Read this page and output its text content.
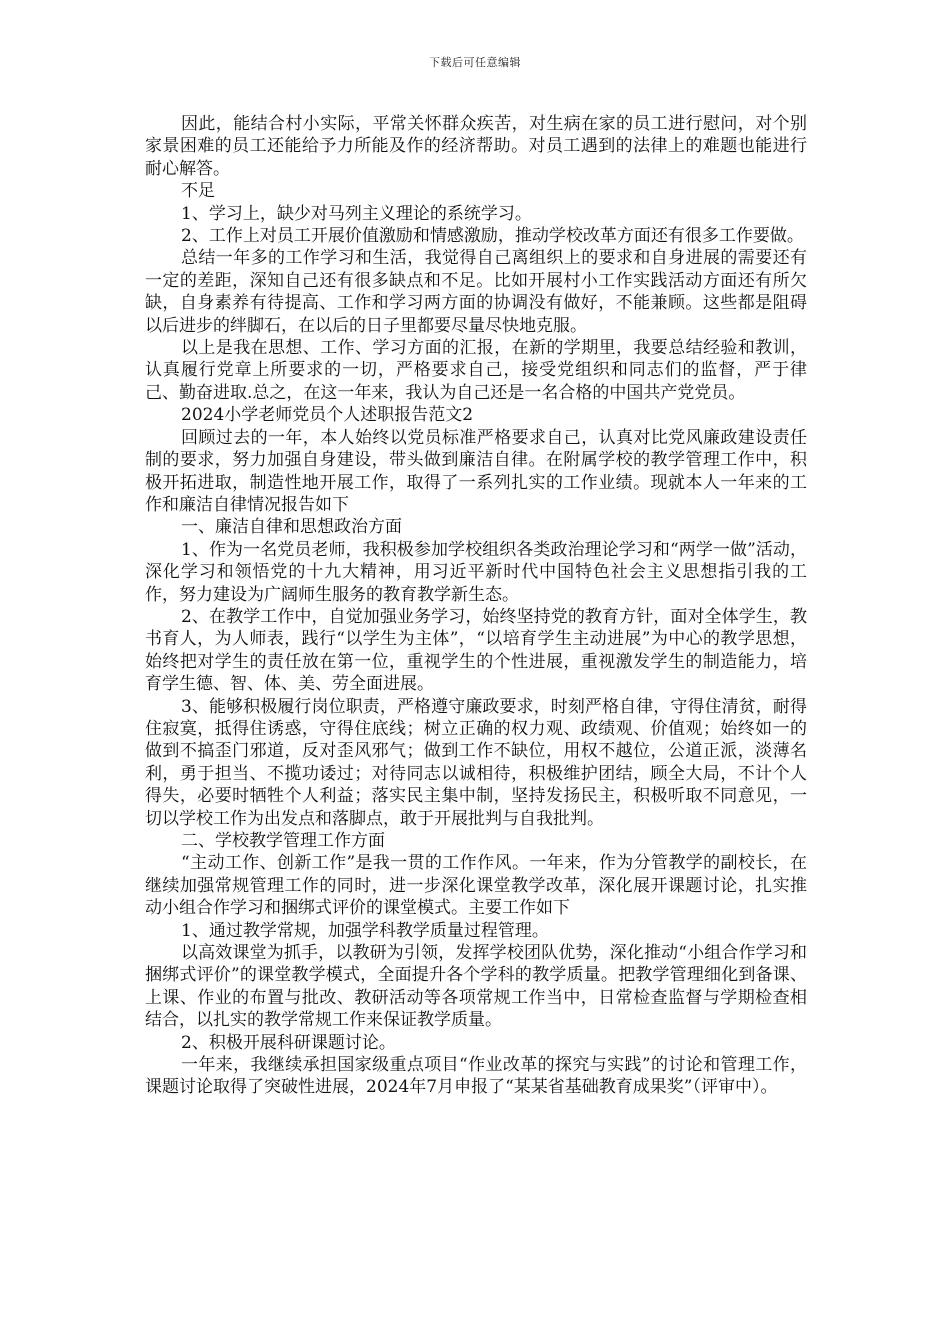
下载后可任意编辑

因此，能结合村小实际，平常关怀群众疾苦，对生病在家的员工进行慰问，对个别家景困难的员工还能给予力所能及作的经济帮助。对员工遇到的法律上的难题也能进行耐心解答。

不足

1、学习上，缺少对马列主义理论的系统学习。

2、工作上对员工开展价值激励和情感激励，推动学校改革方面还有很多工作要做。

总结一年多的工作学习和生活，我觉得自己离组织上的要求和自身进展的需要还有一定的差距，深知自己还有很多缺点和不足。比如开展村小工作实践活动方面还有所欠缺，自身素养有待提高、工作和学习两方面的协调没有做好，不能兼顾。这些都是阻碍以后进步的绊脚石，在以后的日子里都要尽量尽快地克服。

以上是我在思想、工作、学习方面的汇报，在新的学期里，我要总结经验和教训，认真履行党章上所要求的一切，严格要求自己，接受党组织和同志们的监督，严于律己、勤奋进取.总之，在这一年来，我认为自己还是一名合格的中国共产党党员。

2024小学老师党员个人述职报告范文2

回顾过去的一年，本人始终以党员标准严格要求自己，认真对比党风廉政建设责任制的要求，努力加强自身建设，带头做到廉洁自律。在附属学校的教学管理工作中，积极开拓进取，制造性地开展工作，取得了一系列扎实的工作业绩。现就本人一年来的工作和廉洁自律情况报告如下

一、廉洁自律和思想政治方面

1、作为一名党员老师，我积极参加学校组织各类政治理论学习和“两学一做”活动，深化学习和领悟党的十九大精神，用习近平新时代中国特色社会主义思想指引我的工作，努力建设为广阔师生服务的教育教学新生态。

2、在教学工作中，自觉加强业务学习，始终坚持党的教育方针，面对全体学生，教书育人，为人师表，践行“以学生为主体”，“以培育学生主动进展”为中心的教学思想，始终把对学生的责任放在第一位，重视学生的个性进展，重视激发学生的制造能力，培育学生德、智、体、美、劳全面进展。

3、能够积极履行岗位职责，严格遵守廉政要求，时刻严格自律，守得住清贫，耐得住寂寞，抵得住诱惑，守得住底线；树立正确的权力观、政绩观、价值观；始终如一的做到不搞歪门邪道，反对歪风邪气；做到工作不缺位，用权不越位，公道正派，淡薄名利，勇于担当、不揽功诿过；对待同志以诚相待，积极维护团结，顾全大局，不计个人得失，必要时牺牲个人利益；落实民主集中制，坚持发扬民主，积极听取不同意见，一切以学校工作为出发点和落脚点，敢于开展批判与自我批判。

二、学校教学管理工作方面

“主动工作、创新工作”是我一贯的工作作风。一年来，作为分管教学的副校长，在继续加强常规管理工作的同时，进一步深化课堂教学改革，深化展开课题讨论，扎实推动小组合作学习和捆绑式评价的课堂模式。主要工作如下

1、通过教学常规，加强学科教学质量过程管理。

以高效课堂为抓手，以教研为引领，发挥学校团队优势，深化推动“小组合作学习和捆绑式评价”的课堂教学模式，全面提升各个学科的教学质量。把教学管理细化到备课、上课、作业的布置与批改、教研活动等各项常规工作当中，日常检查监督与学期检查相结合，以扎实的教学常规工作来保证教学质量。

2、积极开展科研课题讨论。

一年来，我继续承担国家级重点项目“作业改革的探究与实践”的讨论和管理工作，课题讨论取得了突破性进展，2024年7月申报了“某某省基础教育成果奖”（评审中）。
